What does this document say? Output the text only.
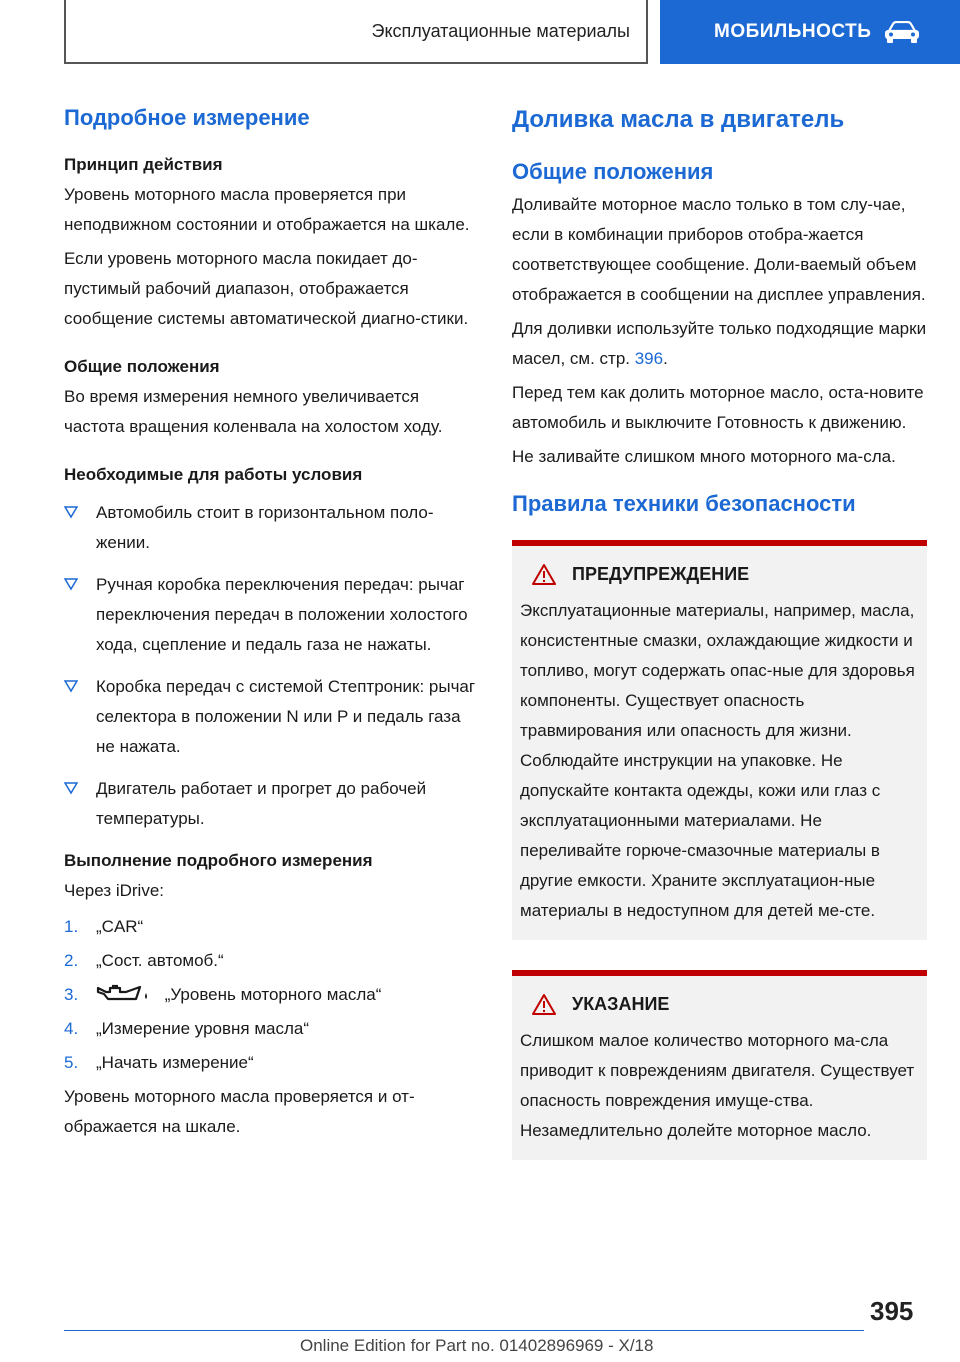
Эксплуатационные материалы	МОБИЛЬНОСТЬ
Подробное измерение
Принцип действия

Уровень моторного масла проверяется при неподвижном состоянии и отображается на шкале.

Если уровень моторного масла покидает до-пустимый рабочий диапазон, отображается сообщение системы автоматической диагно-стики.

Общие положения

Во время измерения немного увеличивается частота вращения коленвала на холостом ходу.

Необходимые для работы условия
Автомобиль стоит в горизонтальном поло-жении.
Ручная коробка переключения передач: рычаг переключения передач в положении холостого хода, сцепление и педаль газа не нажаты.
Коробка передач с системой Стептроник: рычаг селектора в положении N или P и педаль газа не нажата.
Двигатель работает и прогрет до рабочей температуры.
Выполнение подробного измерения

Через iDrive:

1. „CAR“
2. „Сост. автомоб.“
3.	„Уровень моторного масла“
4. „Измерение уровня масла“
5. „Начать измерение“

Уровень моторного масла проверяется и от-ображается на шкале.

Доливка масла в двигатель
Общие положения

Доливайте моторное масло только в том слу-чае, если в комбинации приборов отобра-жается соответствующее сообщение. Доли-ваемый объем отображается в сообщении на дисплее управления.

Для доливки используйте только подходящие марки масел, см. стр. 396.

Перед тем как долить моторное масло, оста-новите автомобиль и выключите Готовность к движению.

Не заливайте слишком много моторного ма-сла.

Правила техники безопасности
ПРЕДУПРЕЖДЕНИЕ

Эксплуатационные материалы, например, масла, консистентные смазки, охлаждающие жидкости и топливо, могут содержать опас-ные для здоровья компоненты. Существует опасность травмирования или опасность для жизни. Соблюдайте инструкции на упаковке. Не допускайте контакта одежды, кожи или глаз с эксплуатационными материалами. Не переливайте горюче-смазочные материалы в другие емкости. Храните эксплуатацион-ные материалы в недоступном для детей ме-сте.

УКАЗАНИЕ

Слишком малое количество моторного ма-сла приводит к повреждениям двигателя. Существует опасность повреждения имуще-ства. Незамедлительно долейте моторное масло.

395
Online Edition for Part no. 01402896969 - X/18
